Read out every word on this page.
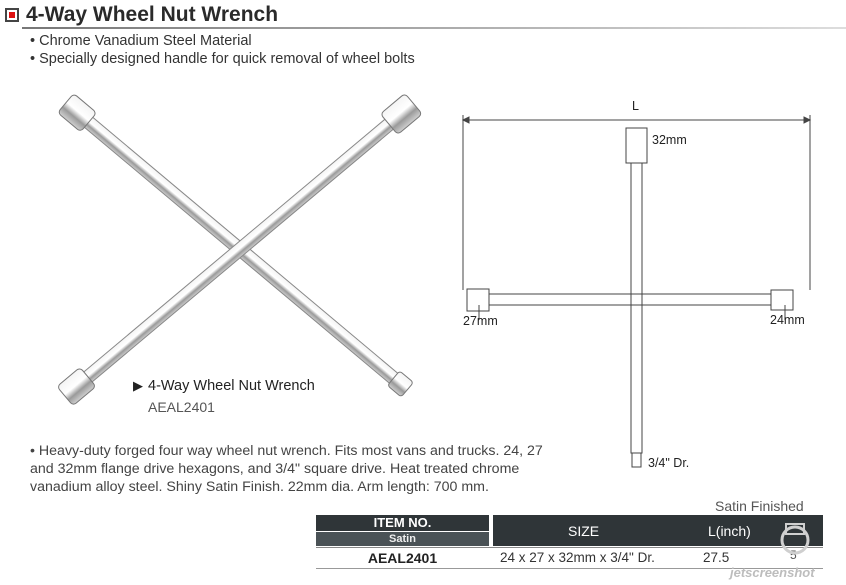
4-Way Wheel Nut Wrench
• Chrome Vanadium Steel Material
• Specially designed handle for quick removal of wheel bolts
▶ 4-Way Wheel Nut Wrench
AEAL2401
• Heavy-duty forged four way wheel nut wrench. Fits most vans and trucks. 24, 27 and 32mm flange drive hexagons, and 3/4" square drive. Heat treated chrome vanadium alloy steel. Shiny Satin Finish. 22mm dia. Arm length: 700 mm.
L
32mm
27mm	24mm
3/4" Dr.
Satin Finished
ITEM NO.
Satin	SIZE	L(inch)
AEAL2401	24 x 27 x 32mm x 3/4" Dr.	27.5	5
jetscreenshot
